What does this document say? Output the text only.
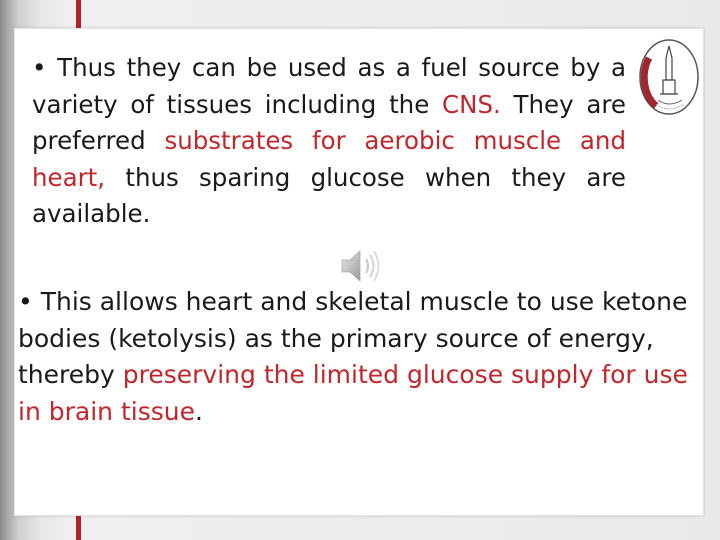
• Thus they can be used as a fuel source by a variety of tissues including the CNS. They are preferred substrates for aerobic muscle and heart, thus sparing glucose when they are available.

• This allows heart and skeletal muscle to use ketone bodies (ketolysis) as the primary source of energy, thereby preserving the limited glucose supply for use in brain tissue.
